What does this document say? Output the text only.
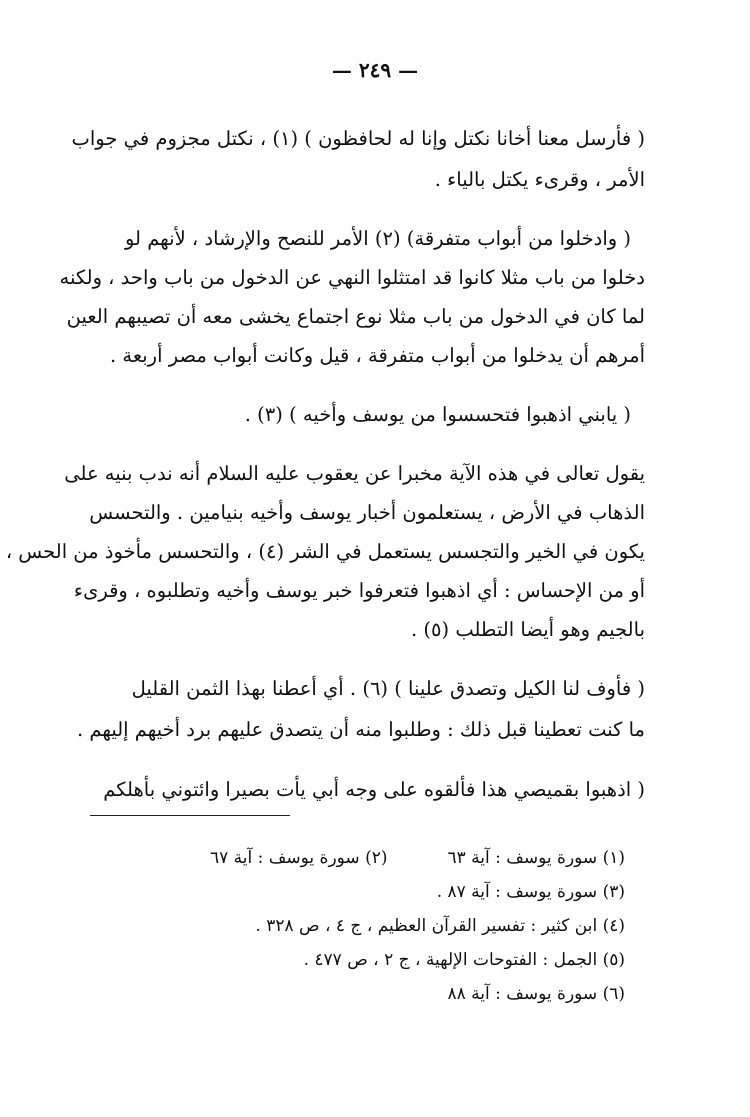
— ٢٤٩ —

( فأرسل معنا أخانا نكتل وإنا له لحافظون ) (١) ، نكتل مجزوم في جواب
الأمر ، وقرىء يكتل بالياء .

( وادخلوا من أبواب متفرقة) (٢) الأمر للنصح والإرشاد ، لأنهم لو
دخلوا من باب مثلا كانوا قد امتثلوا النهي عن الدخول من باب واحد ، ولكنه
لما كان في الدخول من باب مثلا نوع اجتماع يخشى معه أن تصيبهم العين
أمرهم أن يدخلوا من أبواب متفرقة ، قيل وكانت أبواب مصر أربعة .

( يابني اذهبوا فتحسسوا من يوسف وأخيه ) (٣) .

يقول تعالى في هذه الآية مخبرا عن يعقوب عليه السلام أنه ندب بنيه على
الذهاب في الأرض ، يستعلمون أخبار يوسف وأخيه بنيامين . والتحسس
يكون في الخير والتجسس يستعمل في الشر (٤) ، والتحسس مأخوذ من الحس ،
أو من الإحساس : أي اذهبوا فتعرفوا خبر يوسف وأخيه وتطلبوه ، وقرىء
بالجيم وهو أيضا التطلب (٥) .

( فأوف لنا الكيل وتصدق علينا ) (٦) . أي أعطنا بهذا الثمن القليل
ما كنت تعطينا قبل ذلك : وطلبوا منه أن يتصدق عليهم برد أخيهم إليهم .

( اذهبوا بقميصي هذا فألقوه على وجه أبي يأت بصيرا وائتوني بأهلكم

(١) سورة يوسف : آية ٦٣
(٢) سورة يوسف : آية ٦٧
(٣) سورة يوسف : آية ٨٧ .
(٤) ابن كثير : تفسير القرآن العظيم ، ج ٤ ، ص ٣٢٨ .
(٥) الجمل : الفتوحات الإلهية ، ج ٢ ، ص ٤٧٧ .
(٦) سورة يوسف : آية ٨٨
